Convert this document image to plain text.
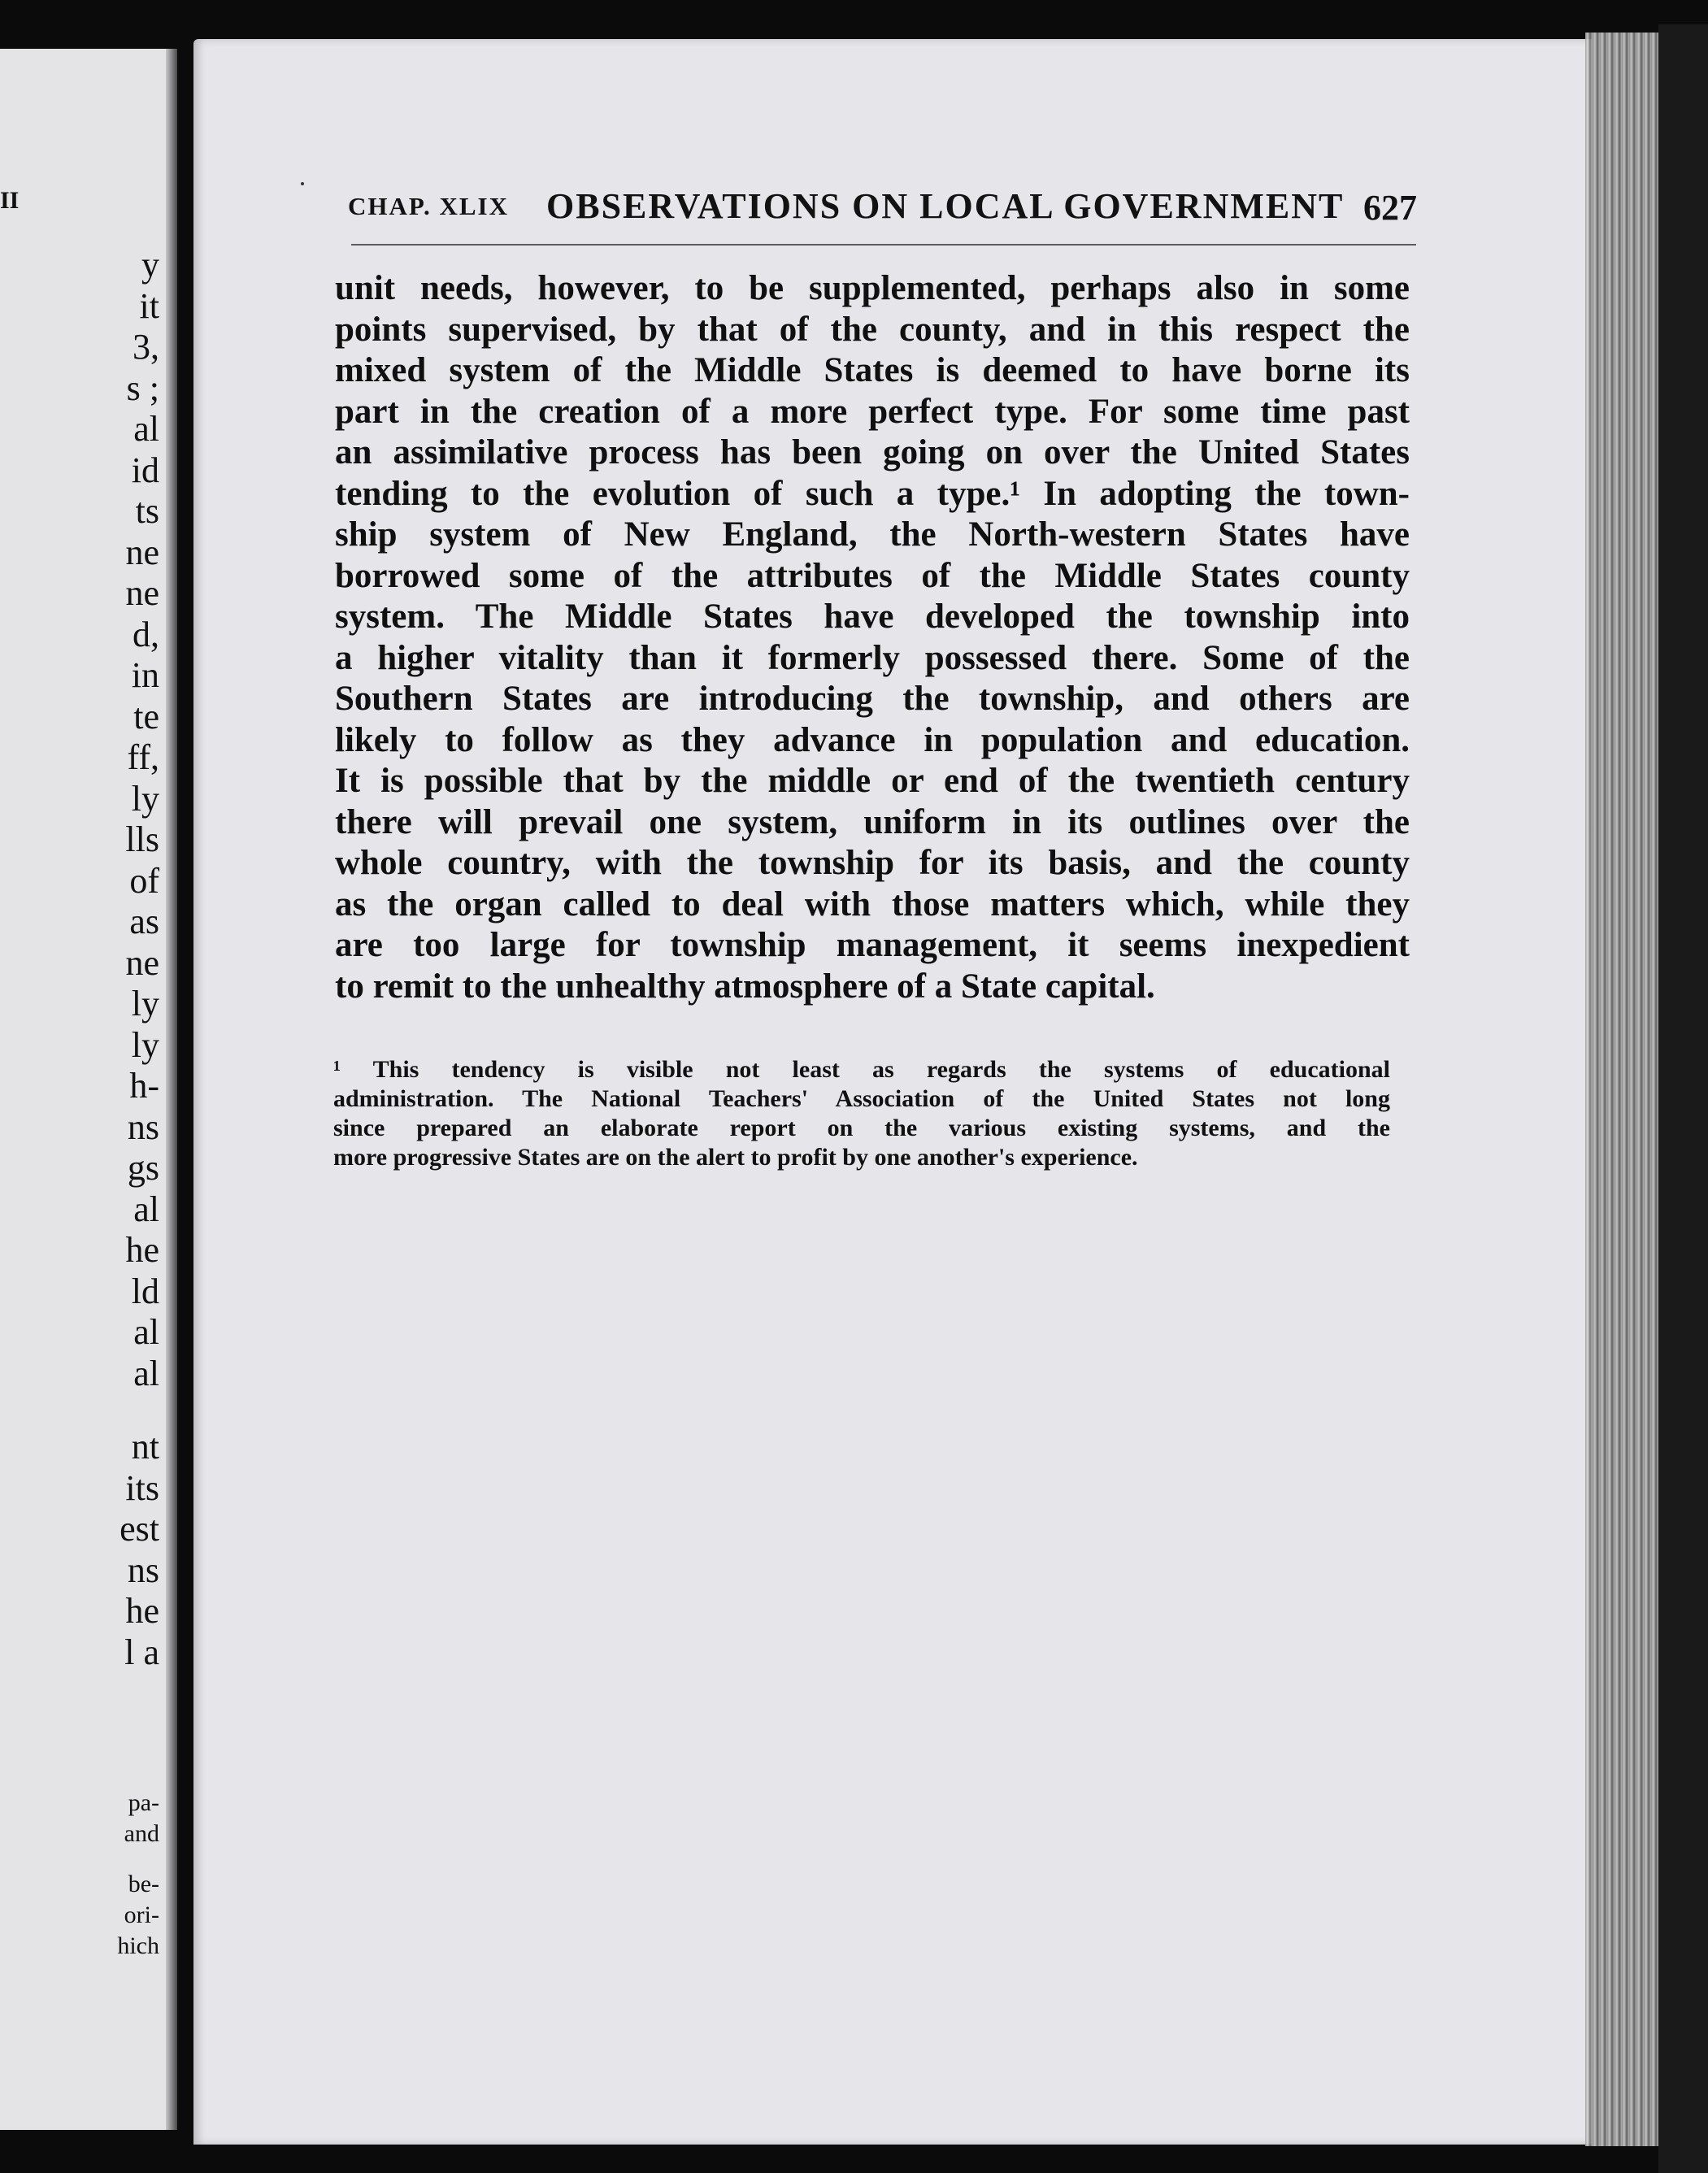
II
y
it
3,
s ;
al
id
ts
ne
ne
d,
in
te
ff,
ly
lls
of
as
ne
ly
ly
h-
ns
gs
al
he
ld
al
al
nt
its
est
ns
he
l a
pa-
and
be-
ori-
hich
CHAP. XLIX OBSERVATIONS ON LOCAL GOVERNMENT 627
unit needs, however, to be supplemented, perhaps also in some
points supervised, by that of the county, and in this respect the
mixed system of the Middle States is deemed to have borne its
part in the creation of a more perfect type. For some time past
an assimilative process has been going on over the United States
tending to the evolution of such a type.¹ In adopting the town-
ship system of New England, the North-western States have
borrowed some of the attributes of the Middle States county
system. The Middle States have developed the township into
a higher vitality than it formerly possessed there. Some of the
Southern States are introducing the township, and others are
likely to follow as they advance in population and education.
It is possible that by the middle or end of the twentieth century
there will prevail one system, uniform in its outlines over the
whole country, with the township for its basis, and the county
as the organ called to deal with those matters which, while they
are too large for township management, it seems inexpedient
to remit to the unhealthy atmosphere of a State capital.
¹ This tendency is visible not least as regards the systems of educational
administration. The National Teachers' Association of the United States not long
since prepared an elaborate report on the various existing systems, and the
more progressive States are on the alert to profit by one another's experience.
